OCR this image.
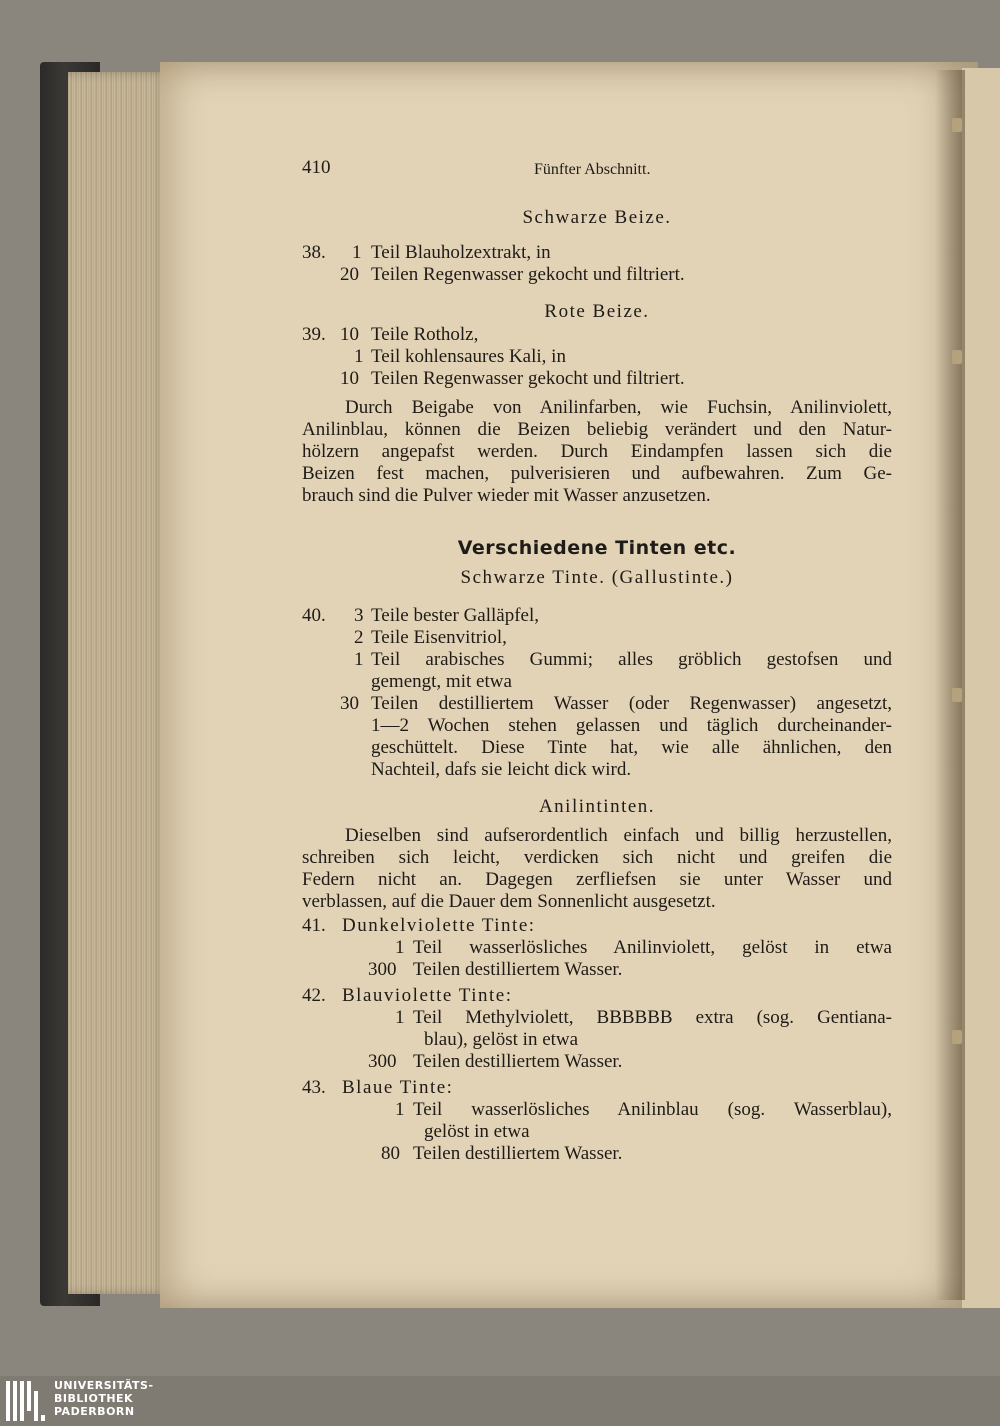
410	Fünfter Abschnitt.
Schwarze Beize.
38. 1 Teil Blauholzextrakt, in
20 Teilen Regenwasser gekocht und filtriert.
Rote Beize.
39. 10 Teile Rotholz,
1 Teil kohlensaures Kali, in
10 Teilen Regenwasser gekocht und filtriert.
Durch Beigabe von Anilinfarben, wie Fuchsin, Anilinviolett,
Anilinblau, können die Beizen beliebig verändert und den Natur-
hölzern angepafst werden. Durch Eindampfen lassen sich die
Beizen fest machen, pulverisieren und aufbewahren. Zum Ge-
brauch sind die Pulver wieder mit Wasser anzusetzen.
Verschiedene Tinten etc.
Schwarze Tinte. (Gallustinte.)
40. 3 Teile bester Galläpfel,
2 Teile Eisenvitriol,
1 Teil arabisches Gummi; alles gröblich gestofsen und
gemengt, mit etwa
30 Teilen destilliertem Wasser (oder Regenwasser) angesetzt,
1—2 Wochen stehen gelassen und täglich durcheinander-
geschüttelt. Diese Tinte hat, wie alle ähnlichen, den
Nachteil, dafs sie leicht dick wird.
Anilintinten.
Dieselben sind aufserordentlich einfach und billig herzustellen,
schreiben sich leicht, verdicken sich nicht und greifen die
Federn nicht an. Dagegen zerfliefsen sie unter Wasser und
verblassen, auf die Dauer dem Sonnenlicht ausgesetzt.
41. Dunkelviolette Tinte:
1 Teil wasserlösliches Anilinviolett, gelöst in etwa
300 Teilen destilliertem Wasser.
42. Blauviolette Tinte:
1 Teil Methylviolett, BBBBBB extra (sog. Gentiana-
blau), gelöst in etwa
300 Teilen destilliertem Wasser.
43. Blaue Tinte:
1 Teil wasserlösliches Anilinblau (sog. Wasserblau),
gelöst in etwa
80 Teilen destilliertem Wasser.
UNIVERSITÄTS-
BIBLIOTHEK
PADERBORN
